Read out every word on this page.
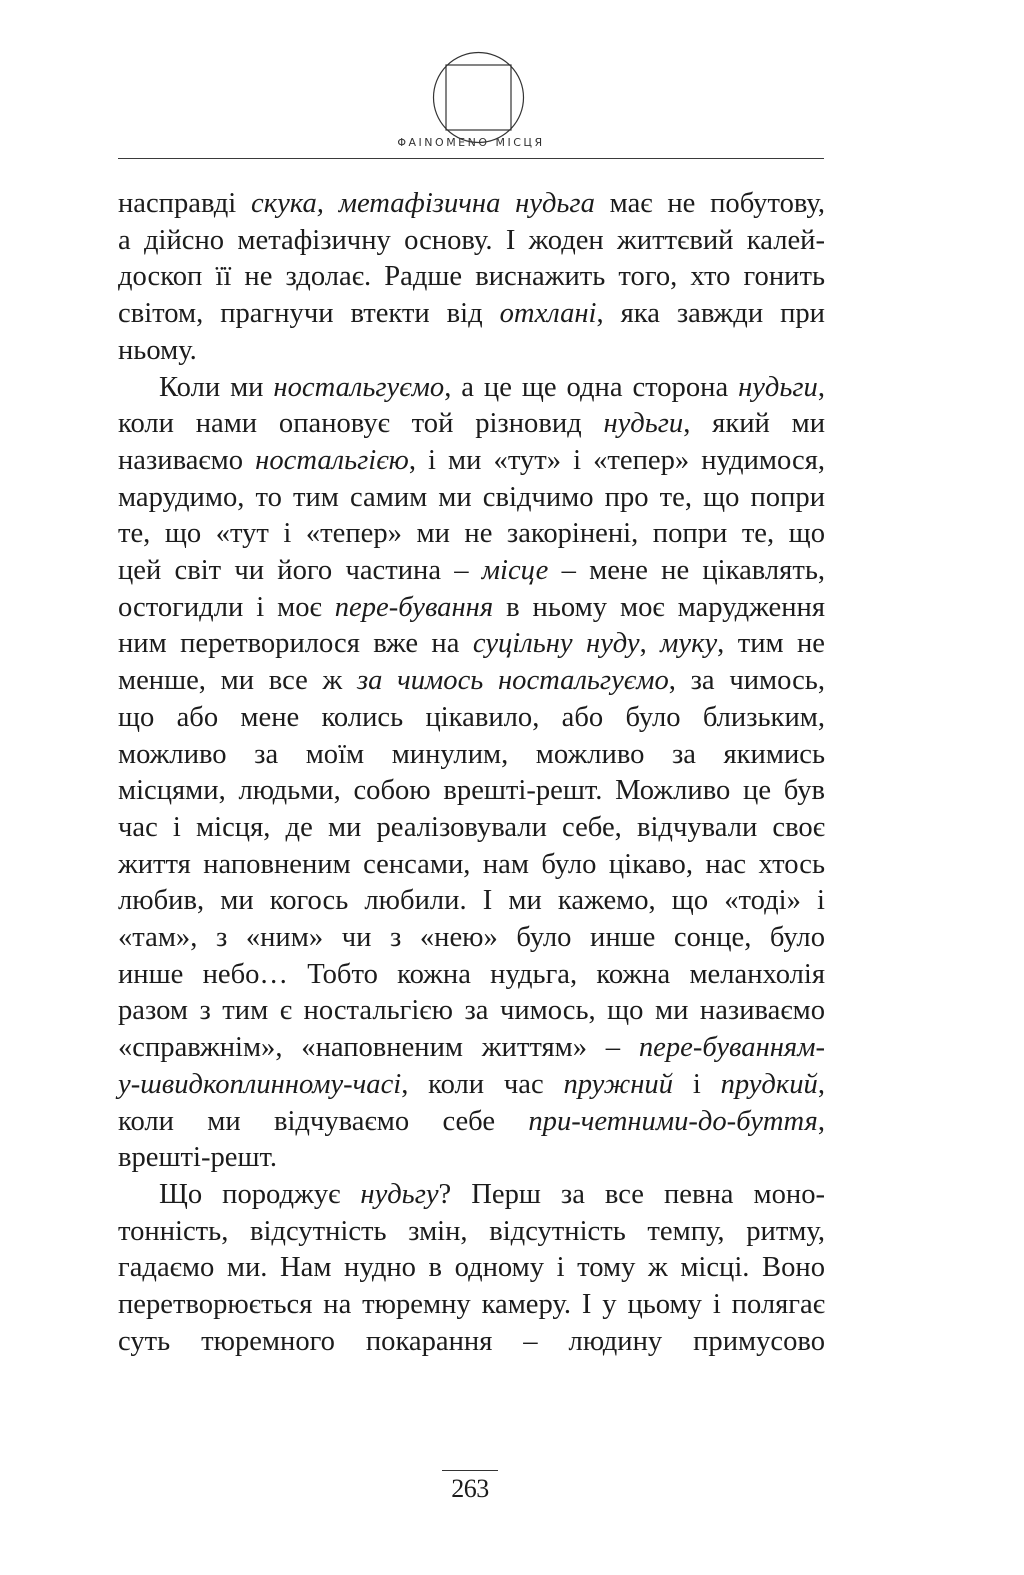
ΦAINOMENO МІСЦЯ

насправді скука, метафізична нудьга має не побутову,
а дійсно метафізичну основу. І жоден життєвий калей-
доскоп її не здолає. Радше виснажить того, хто гонить
світом, прагнучи втекти від отхлані, яка завжди при
ньому.

Коли ми ностальгуємо, а це ще одна сторона нудьги,
коли нами опановує той різновид нудьги, який ми
називаємо ностальгією, і ми «тут» і «тепер» нудимося,
марудимо, то тим самим ми свідчимо про те, що попри
те, що «тут і «тепер» ми не закорінені, попри те, що
цей світ чи його частина – місце – мене не цікавлять,
остогидли і моє пере-бування в ньому моє марудження
ним перетворилося вже на суцільну нуду, муку, тим не
менше, ми все ж за чимось ностальгуємо, за чимось,
що або мене колись цікавило, або було близьким,
можливо за моїм минулим, можливо за якимись
місцями, людьми, собою врешті-решт. Можливо це був
час і місця, де ми реалізовували себе, відчували своє
життя наповненим сенсами, нам було цікаво, нас хтось
любив, ми когось любили. І ми кажемо, що «тоді» і
«там», з «ним» чи з «нею» було инше сонце, було
инше небо… Тобто кожна нудьга, кожна меланхолія
разом з тим є ностальгією за чимось, що ми називаємо
«справжнім», «наповненим життям» – пере-буванням-
у-швидкоплинному-часі, коли час пружний і прудкий,
коли ми відчуваємо себе при-четними-до-буття,
врешті-решт.

Що породжує нудьгу? Перш за все певна моно-
тонність, відсутність змін, відсутність темпу, ритму,
гадаємо ми. Нам нудно в одному і тому ж місці. Воно
перетворюється на тюремну камеру. І у цьому і полягає
суть тюремного покарання – людину примусово

263
